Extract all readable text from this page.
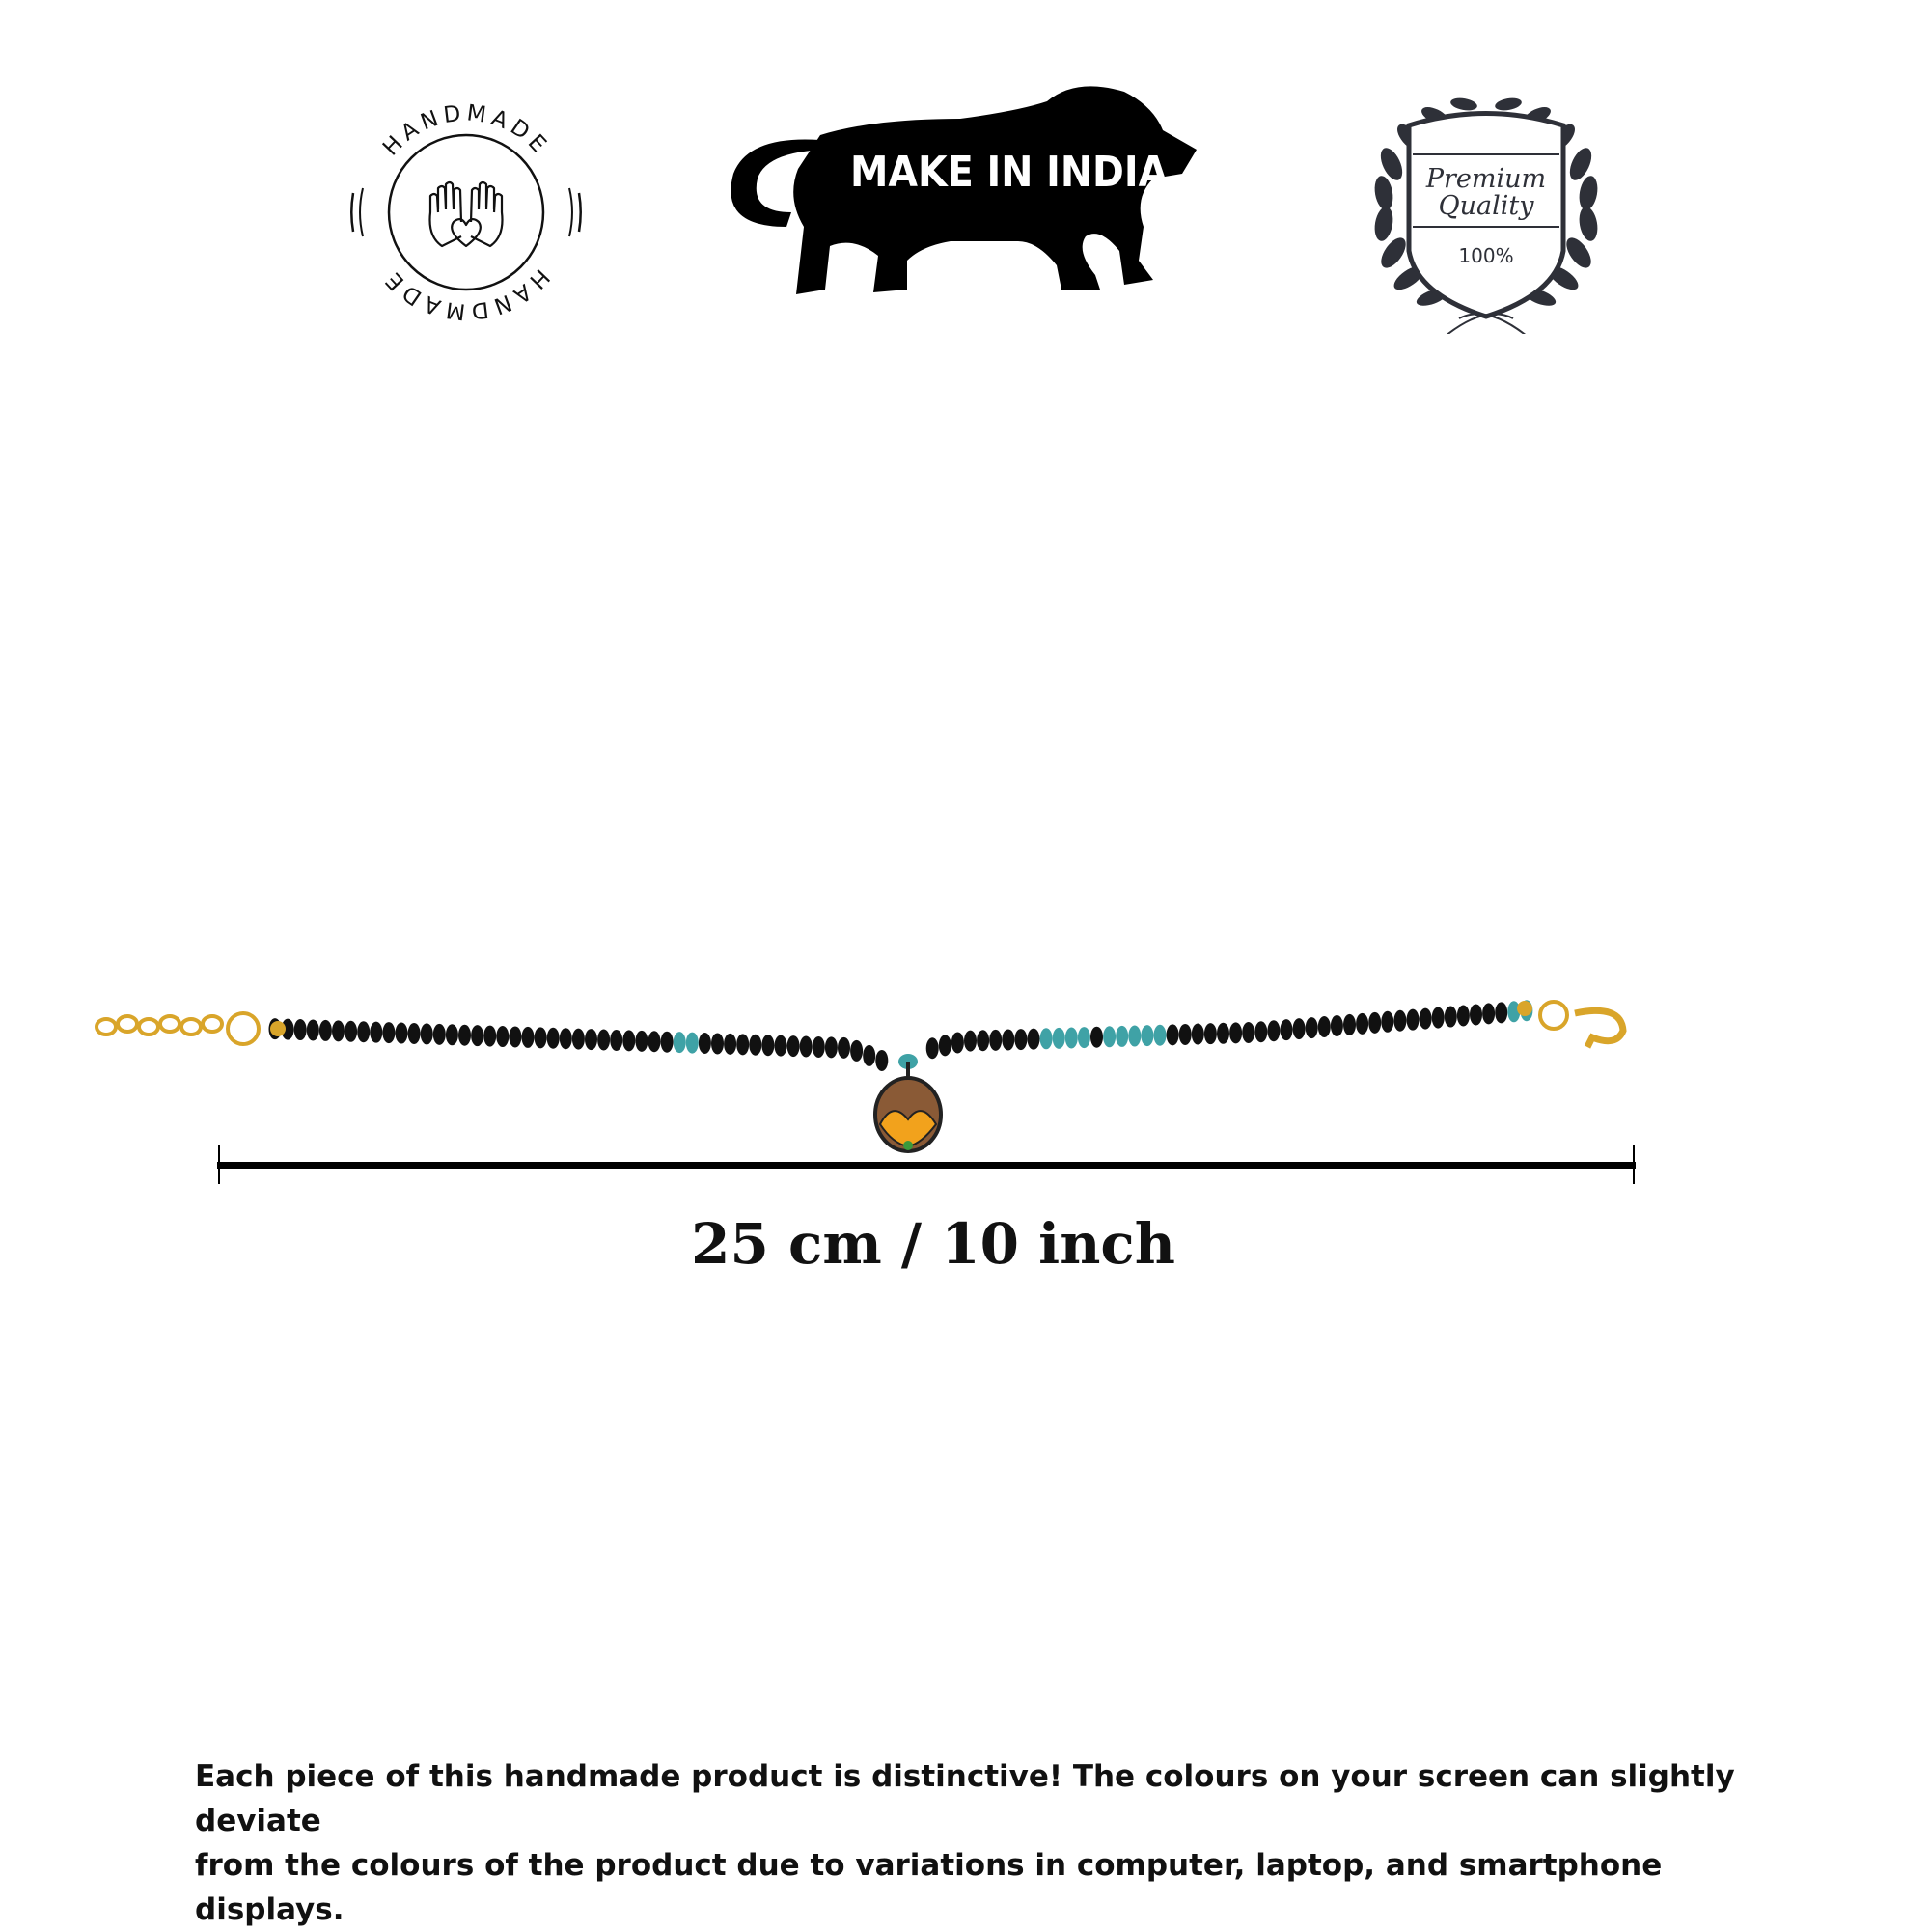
HANDMADE
HANDMADE
MAKE IN INDIA	Premium
Quality
100%
25 cm / 10 inch
Each piece of this handmade product is distinctive! The colours on your screen can slightly deviate
from the colours of the product due to variations in computer, laptop, and smartphone displays.
